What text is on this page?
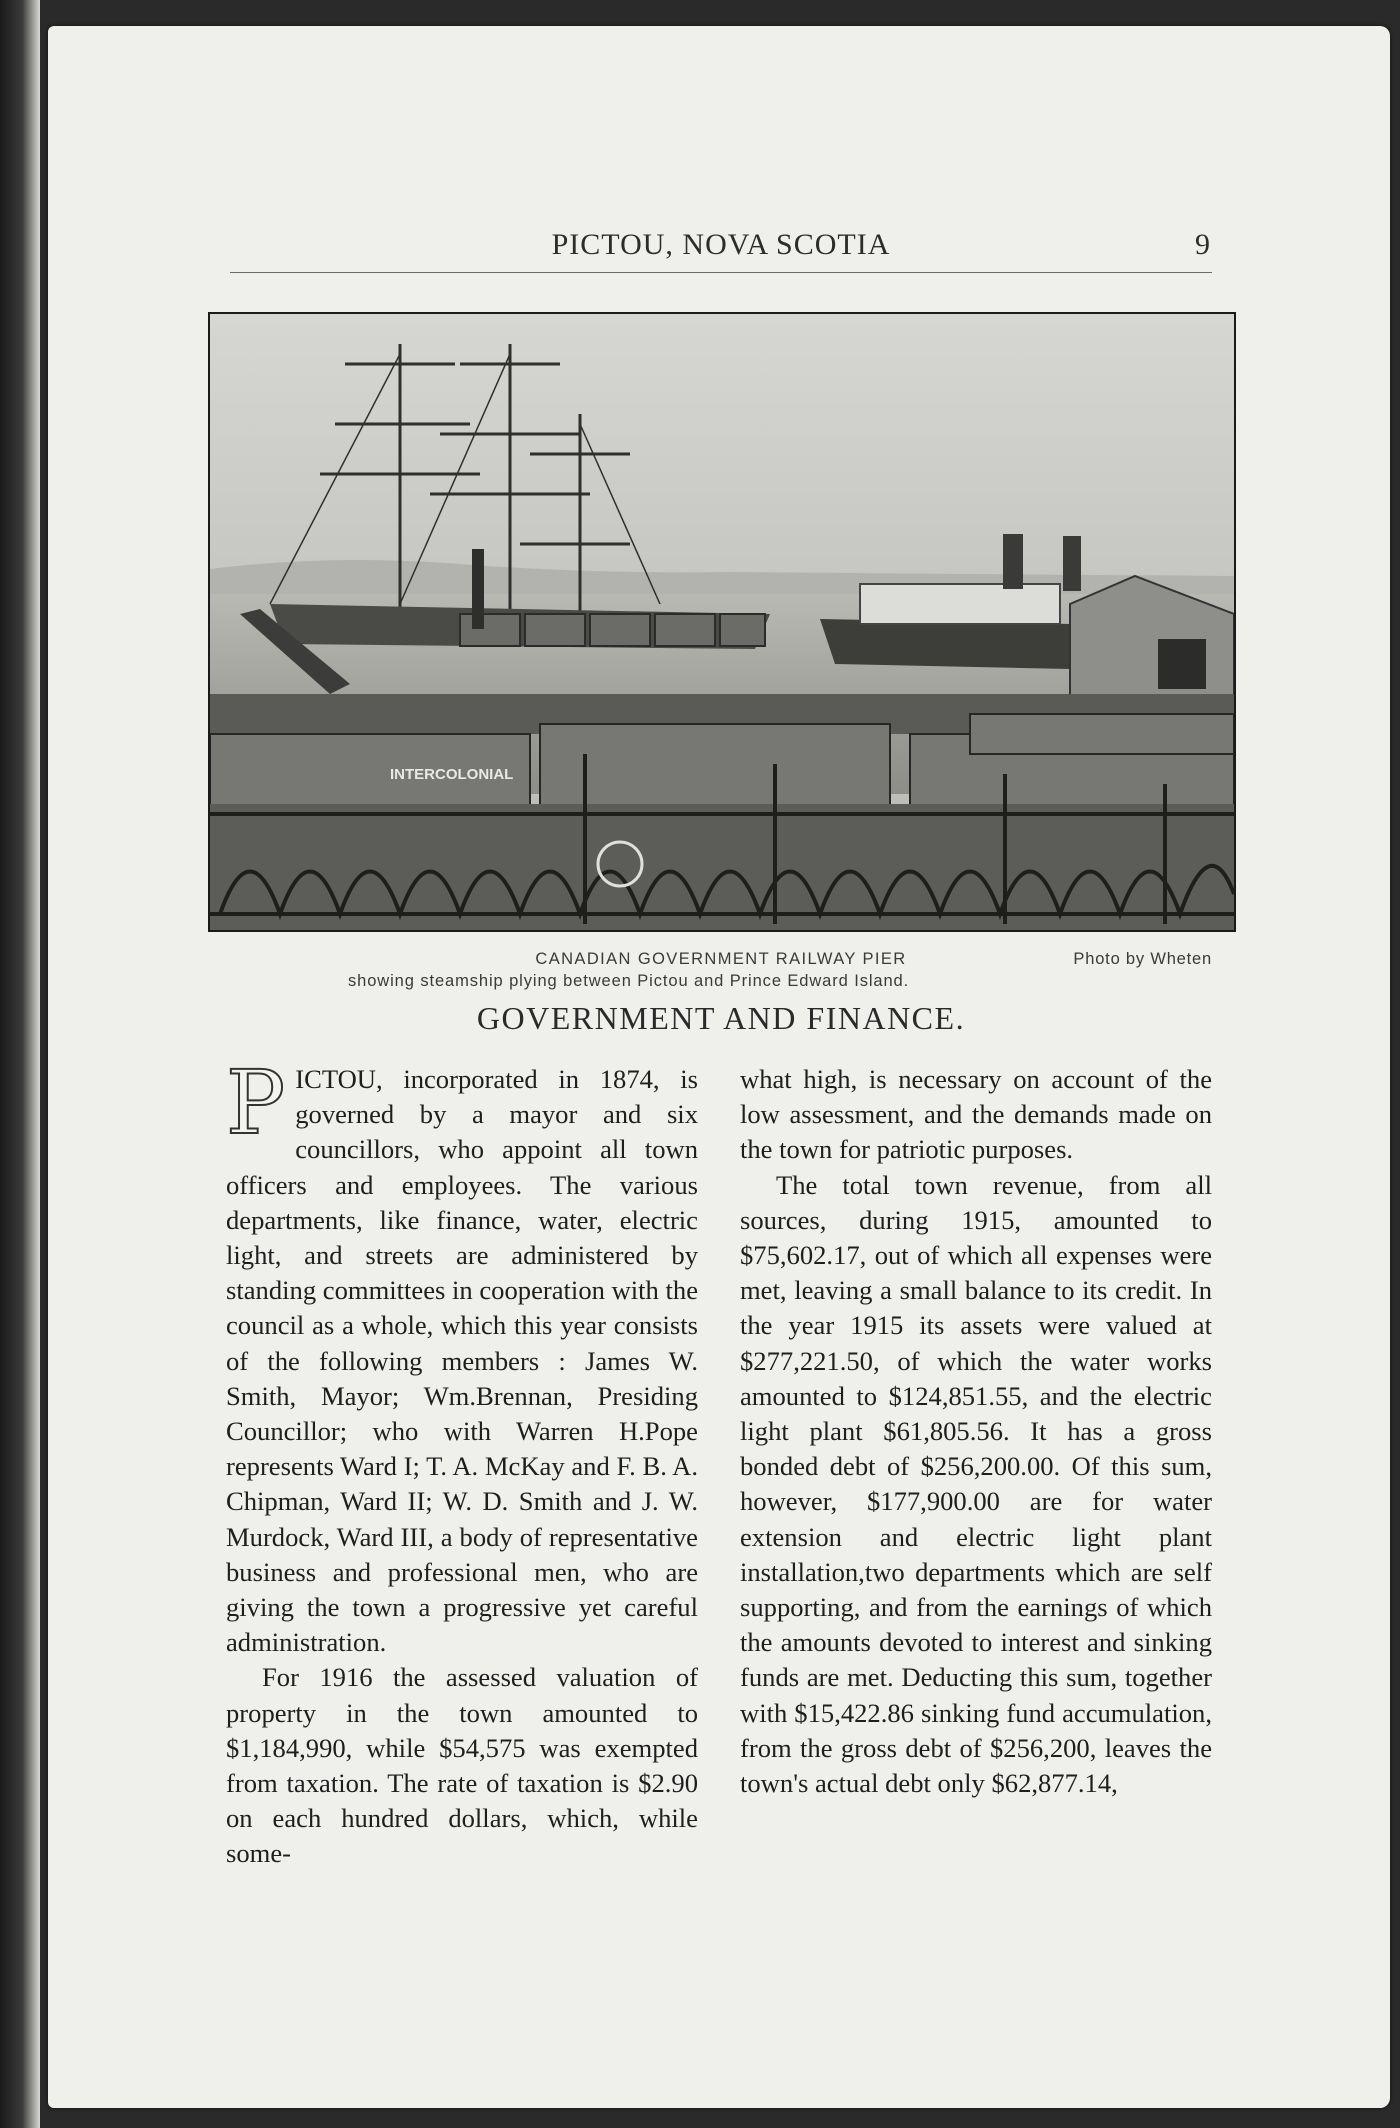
PICTOU, NOVA SCOTIA	9
INTERCOLONIAL
CANADIAN GOVERNMENT RAILWAY PIER	Photo by Wheten
showing steamship plying between Pictou and Prince Edward Island.
GOVERNMENT AND FINANCE.

PICTOU, incorporated in 1874, is governed by a mayor and six councillors, who appoint all town officers and employees. The various departments, like finance, water, electric light, and streets are administered by standing committees in cooperation with the council as a whole, which this year consists of the following members : James W. Smith, Mayor; Wm.Brennan, Presiding Councillor; who with Warren H.Pope represents Ward I; T. A. McKay and F. B. A. Chipman, Ward II; W. D. Smith and J. W. Murdock, Ward III, a body of representative business and professional men, who are giving the town a progressive yet careful administration.

For 1916 the assessed valuation of property in the town amounted to $1,184,990, while $54,575 was exempted from taxation. The rate of taxation is $2.90 on each hundred dollars, which, while some-

what high, is necessary on account of the low assessment, and the demands made on the town for patriotic purposes.

The total town revenue, from all sources, during 1915, amounted to $75,602.17, out of which all expenses were met, leaving a small balance to its credit. In the year 1915 its assets were valued at $277,221.50, of which the water works amounted to $124,851.55, and the electric light plant $61,805.56. It has a gross bonded debt of $256,200.00. Of this sum, however, $177,900.00 are for water extension and electric light plant installation,two departments which are self supporting, and from the earnings of which the amounts devoted to interest and sinking funds are met. Deducting this sum, together with $15,422.86 sinking fund accumulation, from the gross debt of $256,200, leaves the town's actual debt only $62,877.14,
